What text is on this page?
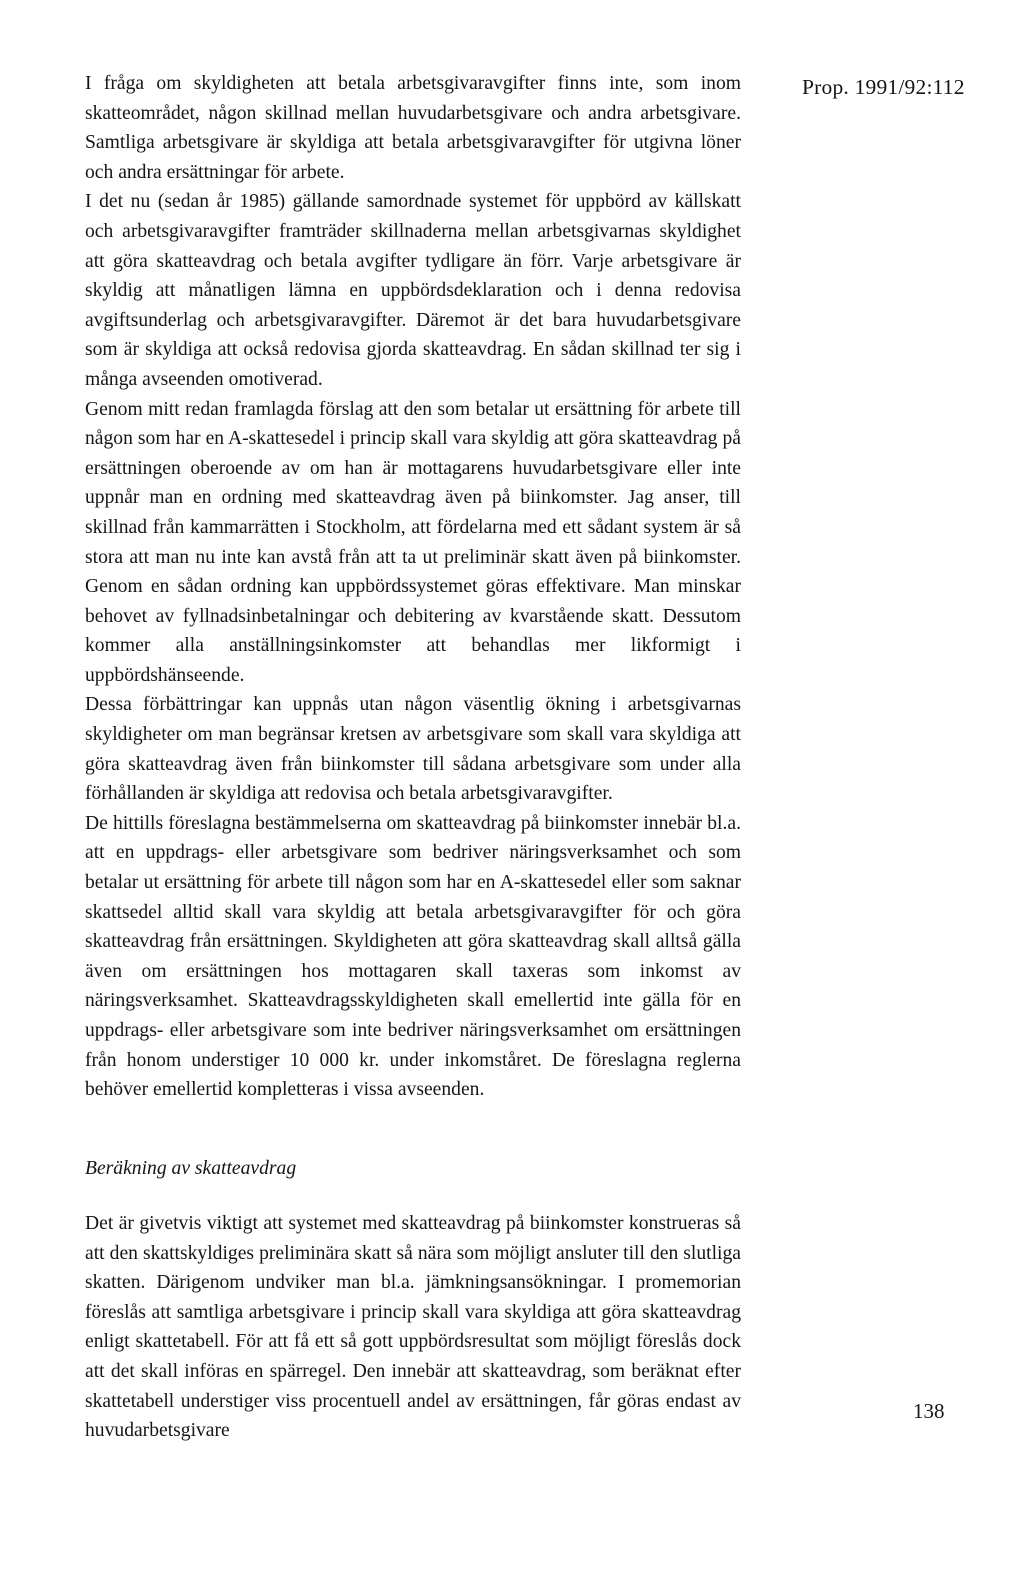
Prop. 1991/92:112

I fråga om skyldigheten att betala arbetsgivaravgifter finns inte, som inom skatteområdet, någon skillnad mellan huvudarbetsgivare och andra arbetsgivare. Samtliga arbetsgivare är skyldiga att betala arbetsgivaravgifter för utgivna löner och andra ersättningar för arbete.

I det nu (sedan år 1985) gällande samordnade systemet för uppbörd av källskatt och arbetsgivaravgifter framträder skillnaderna mellan arbetsgivarnas skyldighet att göra skatteavdrag och betala avgifter tydligare än förr. Varje arbetsgivare är skyldig att månatligen lämna en uppbördsdeklaration och i denna redovisa avgiftsunderlag och arbetsgivaravgifter. Däremot är det bara huvudarbetsgivare som är skyldiga att också redovisa gjorda skatteavdrag. En sådan skillnad ter sig i många avseenden omotiverad.

Genom mitt redan framlagda förslag att den som betalar ut ersättning för arbete till någon som har en A-skattesedel i princip skall vara skyldig att göra skatteavdrag på ersättningen oberoende av om han är mottagarens huvudarbetsgivare eller inte uppnår man en ordning med skatteavdrag även på biinkomster. Jag anser, till skillnad från kammarrätten i Stockholm, att fördelarna med ett sådant system är så stora att man nu inte kan avstå från att ta ut preliminär skatt även på biinkomster. Genom en sådan ordning kan uppbördssystemet göras effektivare. Man minskar behovet av fyllnadsinbetalningar och debitering av kvarstående skatt. Dessutom kommer alla anställningsinkomster att behandlas mer likformigt i uppbördshänseende.

Dessa förbättringar kan uppnås utan någon väsentlig ökning i arbetsgivarnas skyldigheter om man begränsar kretsen av arbetsgivare som skall vara skyldiga att göra skatteavdrag även från biinkomster till sådana arbetsgivare som under alla förhållanden är skyldiga att redovisa och betala arbetsgivaravgifter.

De hittills föreslagna bestämmelserna om skatteavdrag på biinkomster innebär bl.a. att en uppdrags- eller arbetsgivare som bedriver näringsverksamhet och som betalar ut ersättning för arbete till någon som har en A-skattesedel eller som saknar skattsedel alltid skall vara skyldig att betala arbetsgivaravgifter för och göra skatteavdrag från ersättningen. Skyldigheten att göra skatteavdrag skall alltså gälla även om ersättningen hos mottagaren skall taxeras som inkomst av näringsverksamhet. Skatteavdragsskyldigheten skall emellertid inte gälla för en uppdrags- eller arbetsgivare som inte bedriver näringsverksamhet om ersättningen från honom understiger 10 000 kr. under inkomståret. De föreslagna reglerna behöver emellertid kompletteras i vissa avseenden.

Beräkning av skatteavdrag

Det är givetvis viktigt att systemet med skatteavdrag på biinkomster konstrueras så att den skattskyldiges preliminära skatt så nära som möjligt ansluter till den slutliga skatten. Därigenom undviker man bl.a. jämkningsansökningar. I promemorian föreslås att samtliga arbetsgivare i princip skall vara skyldiga att göra skatteavdrag enligt skattetabell. För att få ett så gott uppbördsresultat som möjligt föreslås dock att det skall införas en spärregel. Den innebär att skatteavdrag, som beräknat efter skattetabell understiger viss procentuell andel av ersättningen, får göras endast av huvudarbetsgivare

138
